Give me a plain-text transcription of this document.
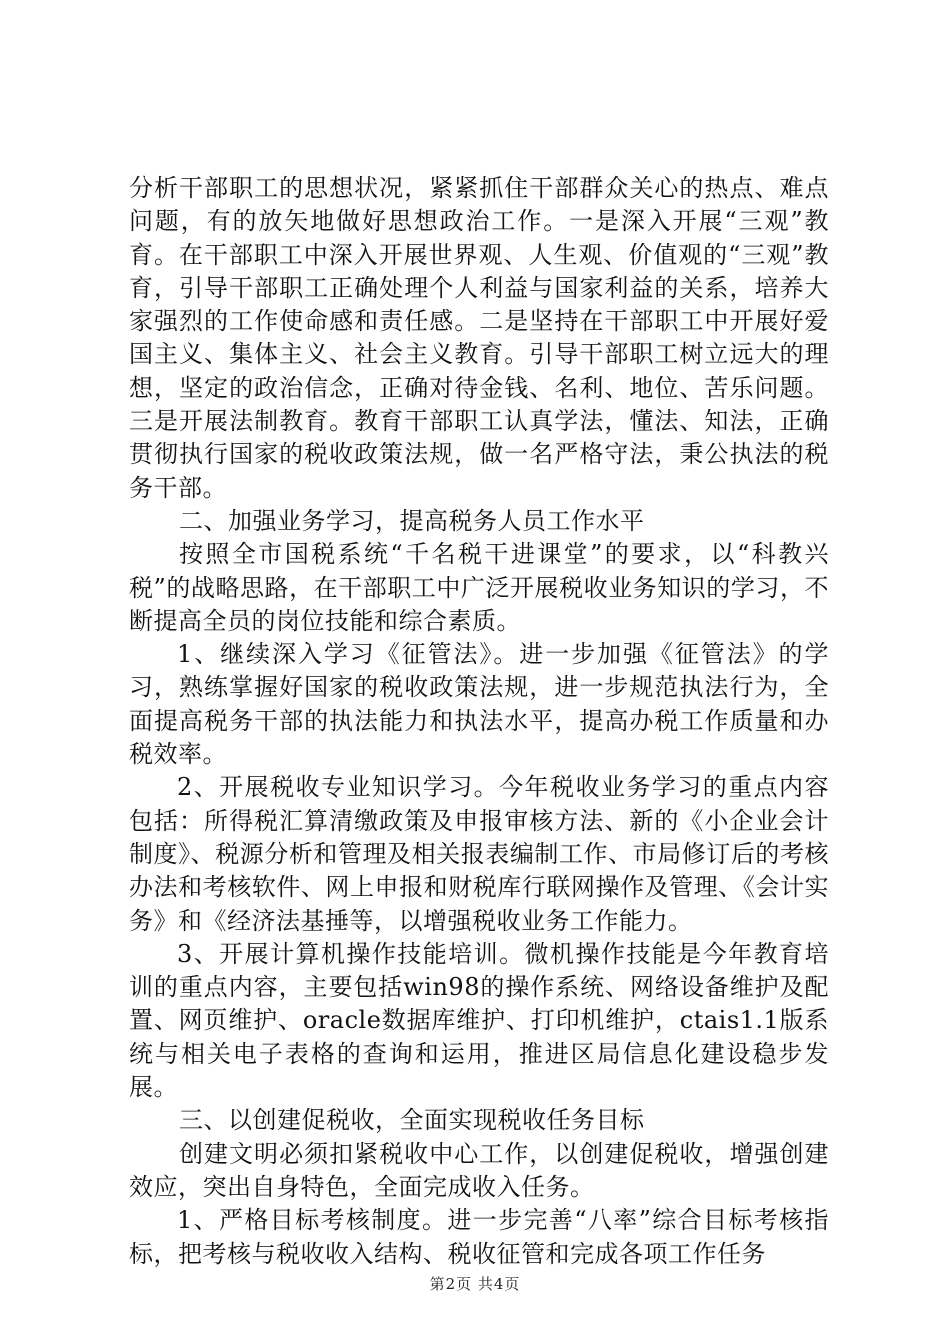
分析干部职工的思想状况，紧紧抓住干部群众关心的热点、难点问题，有的放矢地做好思想政治工作。一是深入开展“三观”教育。在干部职工中深入开展世界观、人生观、价值观的“三观”教育，引导干部职工正确处理个人利益与国家利益的关系，培养大家强烈的工作使命感和责任感。二是坚持在干部职工中开展好爱国主义、集体主义、社会主义教育。引导干部职工树立远大的理想，坚定的政治信念，正确对待金钱、名利、地位、苦乐问题。三是开展法制教育。教育干部职工认真学法，懂法、知法，正确贯彻执行国家的税收政策法规，做一名严格守法，秉公执法的税务干部。

二、加强业务学习，提高税务人员工作水平

按照全市国税系统“千名税干进课堂”的要求，以“科教兴税”的战略思路，在干部职工中广泛开展税收业务知识的学习，不断提高全员的岗位技能和综合素质。

1、继续深入学习《征管法》。进一步加强《征管法》的学习，熟练掌握好国家的税收政策法规，进一步规范执法行为，全面提高税务干部的执法能力和执法水平，提高办税工作质量和办税效率。

2、开展税收专业知识学习。今年税收业务学习的重点内容包括：所得税汇算清缴政策及申报审核方法、新的《小企业会计制度》、税源分析和管理及相关报表编制工作、市局修订后的考核办法和考核软件、网上申报和财税库行联网操作及管理、《会计实务》和《经济法基捶等，以增强税收业务工作能力。

3、开展计算机操作技能培训。微机操作技能是今年教育培训的重点内容，主要包括win98的操作系统、网络设备维护及配置、网页维护、oracle数据库维护、打印机维护，ctais1.1版系统与相关电子表格的查询和运用，推进区局信息化建设稳步发展。

三、以创建促税收，全面实现税收任务目标

创建文明必须扣紧税收中心工作，以创建促税收，增强创建效应，突出自身特色，全面完成收入任务。

1、严格目标考核制度。进一步完善“八率”综合目标考核指标，把考核与税收收入结构、税收征管和完成各项工作任务

第2页 共4页
